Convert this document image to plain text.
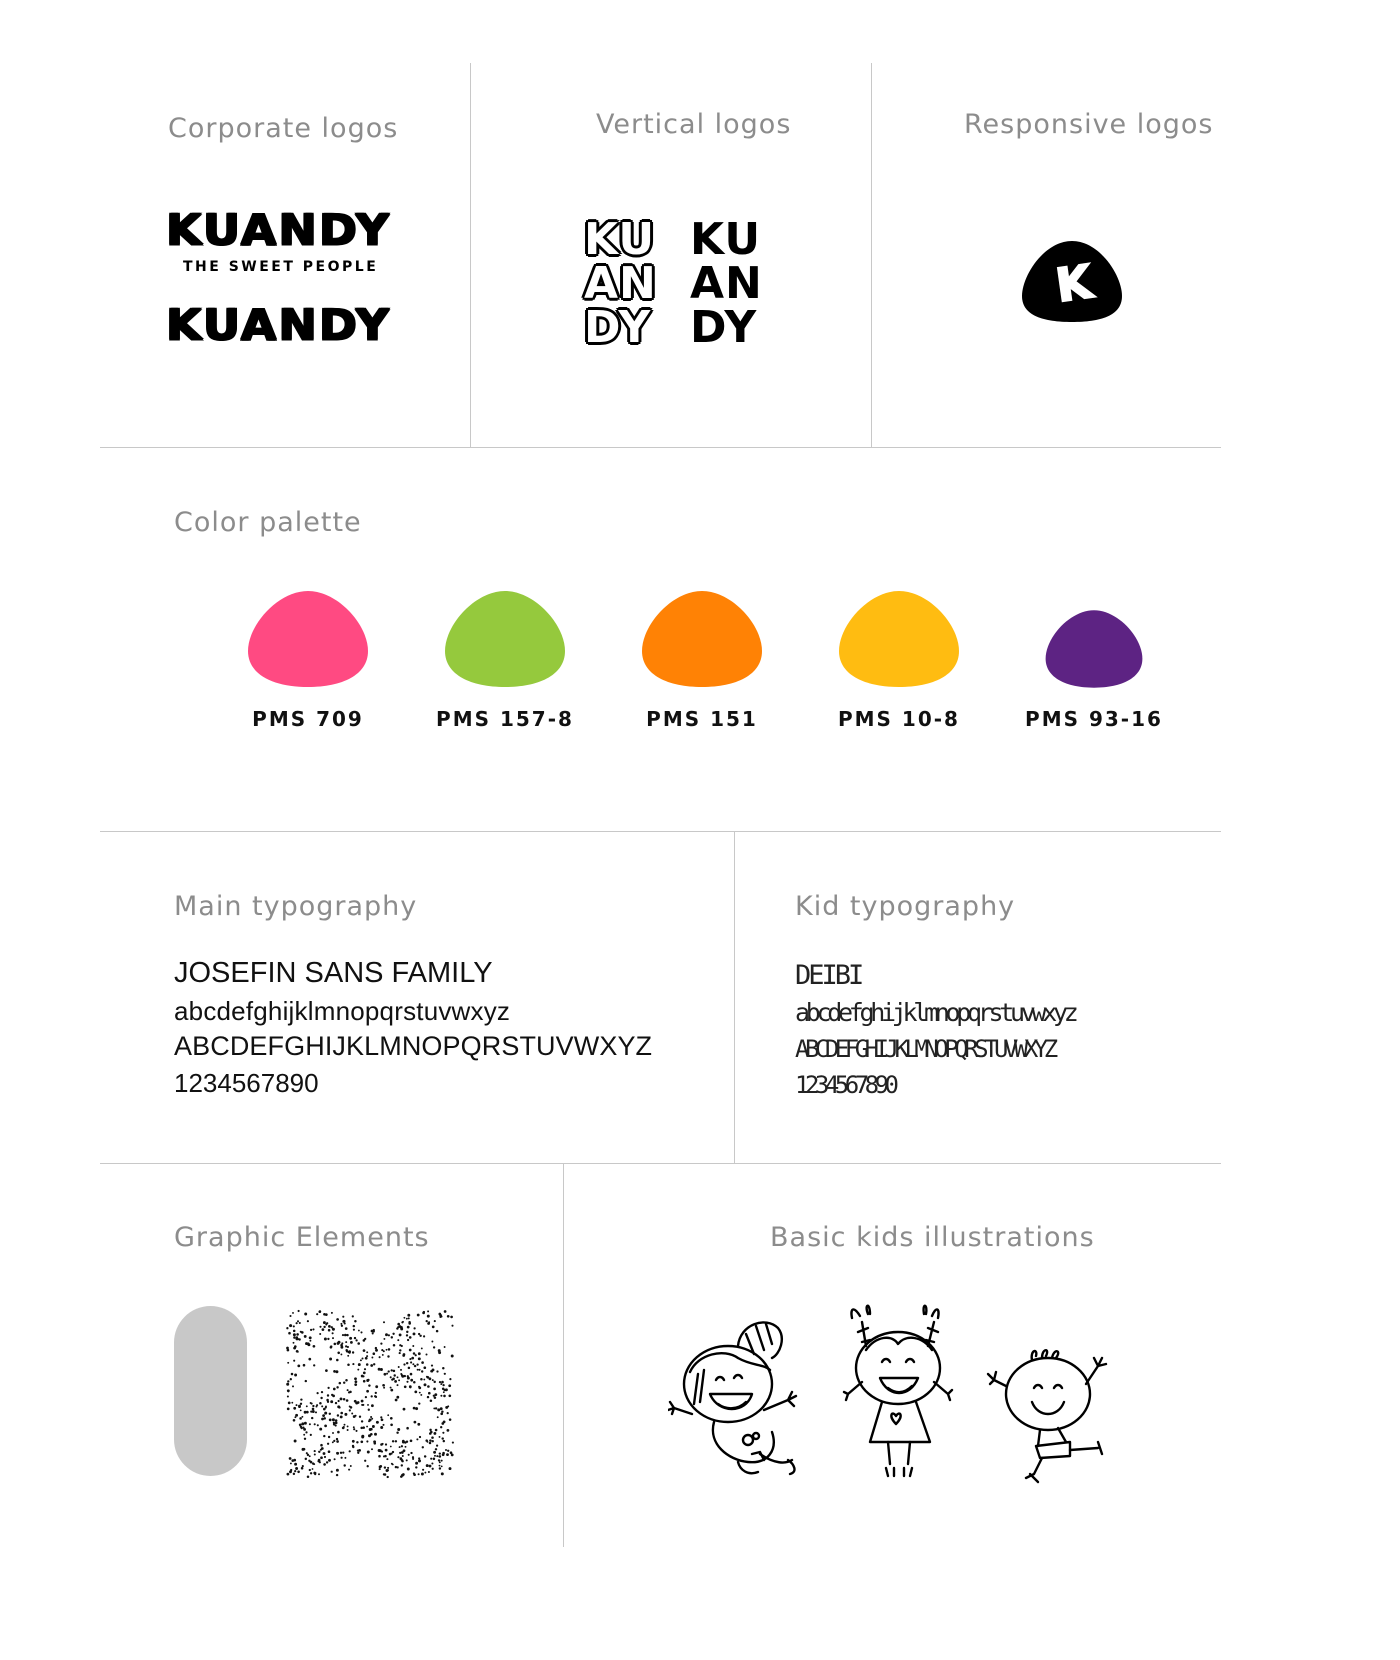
Corporate logos
KUANDY
THE SWEET PEOPLE
KUANDY
Vertical logos
KU
AN
DY
KU
AN
DY
Responsive logos
K
Color palette
PMS 709	PMS 157-8	PMS 151	PMS 10-8	PMS 93-16
Main typography
JOSEFIN SANS FAMILY
abcdefghijklmnopqrstuvwxyz
ABCDEFGHIJKLMNOPQRSTUVWXYZ
1234567890
Kid typography
DEIBI
abcdefghijklmnopqrstuvwxyz
ABCDEFGHIJKLMNOPQRSTUVWXYZ
1234567890
Graphic Elements	Basic kids illustrations
